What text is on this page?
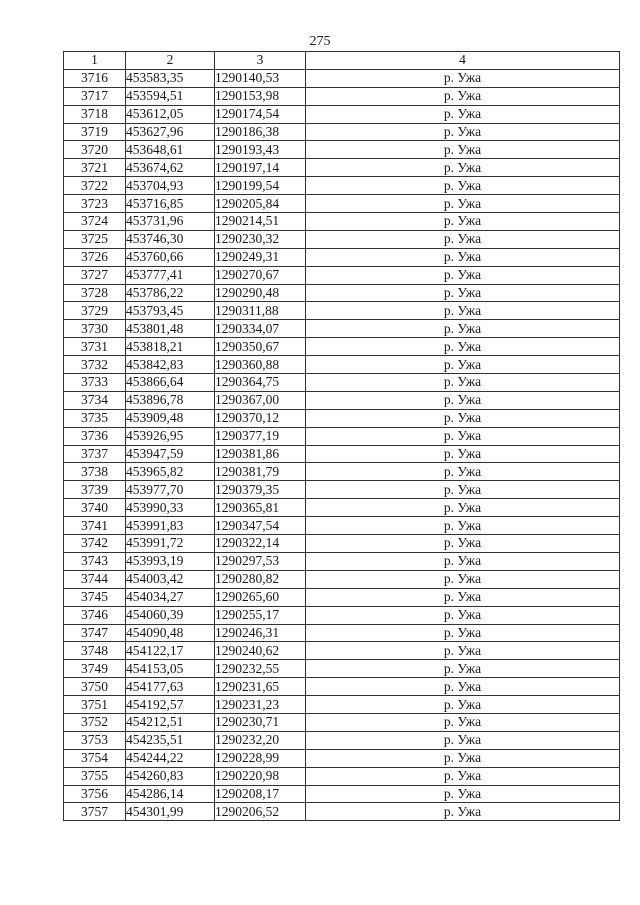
275
1	2	3	4
3716	453583,35	1290140,53	р. Ужа
3717	453594,51	1290153,98	р. Ужа
3718	453612,05	1290174,54	р. Ужа
3719	453627,96	1290186,38	р. Ужа
3720	453648,61	1290193,43	р. Ужа
3721	453674,62	1290197,14	р. Ужа
3722	453704,93	1290199,54	р. Ужа
3723	453716,85	1290205,84	р. Ужа
3724	453731,96	1290214,51	р. Ужа
3725	453746,30	1290230,32	р. Ужа
3726	453760,66	1290249,31	р. Ужа
3727	453777,41	1290270,67	р. Ужа
3728	453786,22	1290290,48	р. Ужа
3729	453793,45	1290311,88	р. Ужа
3730	453801,48	1290334,07	р. Ужа
3731	453818,21	1290350,67	р. Ужа
3732	453842,83	1290360,88	р. Ужа
3733	453866,64	1290364,75	р. Ужа
3734	453896,78	1290367,00	р. Ужа
3735	453909,48	1290370,12	р. Ужа
3736	453926,95	1290377,19	р. Ужа
3737	453947,59	1290381,86	р. Ужа
3738	453965,82	1290381,79	р. Ужа
3739	453977,70	1290379,35	р. Ужа
3740	453990,33	1290365,81	р. Ужа
3741	453991,83	1290347,54	р. Ужа
3742	453991,72	1290322,14	р. Ужа
3743	453993,19	1290297,53	р. Ужа
3744	454003,42	1290280,82	р. Ужа
3745	454034,27	1290265,60	р. Ужа
3746	454060,39	1290255,17	р. Ужа
3747	454090,48	1290246,31	р. Ужа
3748	454122,17	1290240,62	р. Ужа
3749	454153,05	1290232,55	р. Ужа
3750	454177,63	1290231,65	р. Ужа
3751	454192,57	1290231,23	р. Ужа
3752	454212,51	1290230,71	р. Ужа
3753	454235,51	1290232,20	р. Ужа
3754	454244,22	1290228,99	р. Ужа
3755	454260,83	1290220,98	р. Ужа
3756	454286,14	1290208,17	р. Ужа
3757	454301,99	1290206,52	р. Ужа
